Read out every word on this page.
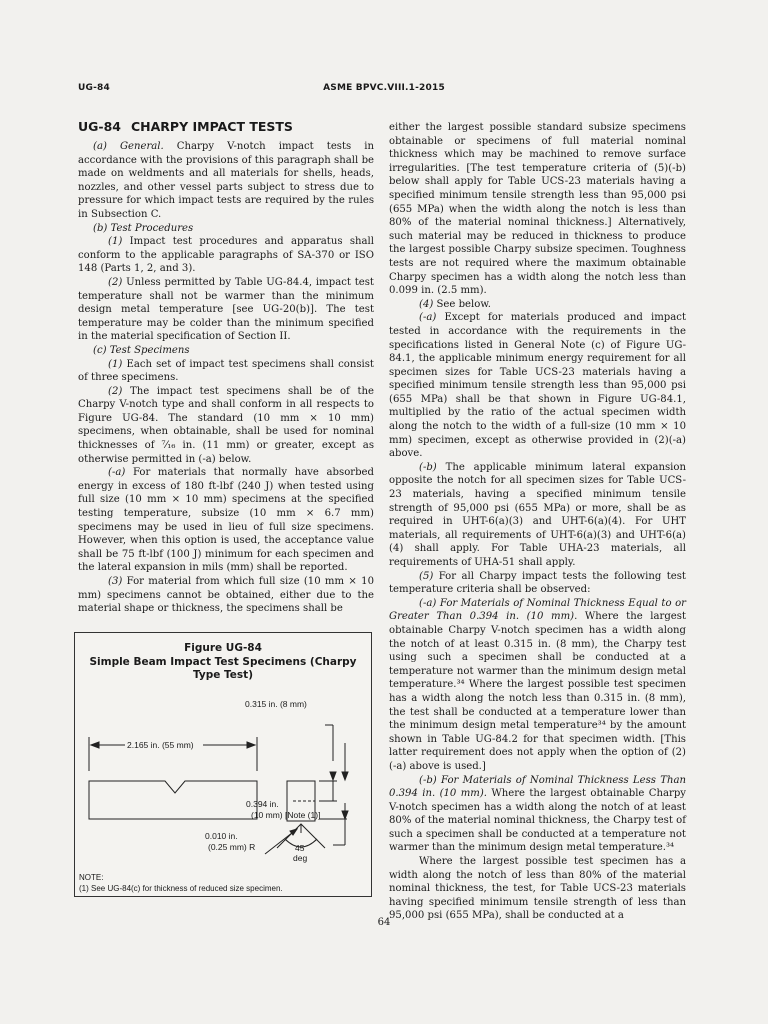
UG-84	ASME BPVC.VIII.1-2015
UG-84 CHARPY IMPACT TESTS

(a) General. Charpy V-notch impact tests in accordance with the provisions of this paragraph shall be made on weldments and all materials for shells, heads, nozzles, and other vessel parts subject to stress due to pressure for which impact tests are required by the rules in Subsection C.

(b) Test Procedures

(1) Impact test procedures and apparatus shall conform to the applicable paragraphs of SA-370 or ISO 148 (Parts 1, 2, and 3).

(2) Unless permitted by Table UG-84.4, impact test temperature shall not be warmer than the minimum design metal temperature [see UG-20(b)]. The test temperature may be colder than the minimum specified in the material specification of Section II.

(c) Test Specimens

(1) Each set of impact test specimens shall consist of three specimens.

(2) The impact test specimens shall be of the Charpy V-notch type and shall conform in all respects to Figure UG-84. The standard (10 mm × 10 mm) specimens, when obtainable, shall be used for nominal thicknesses of ⁷⁄₁₆ in. (11 mm) or greater, except as otherwise permitted in (-a) below.

(-a) For materials that normally have absorbed energy in excess of 180 ft-lbf (240 J) when tested using full size (10 mm × 10 mm) specimens at the specified testing temperature, subsize (10 mm × 6.7 mm) specimens may be used in lieu of full size specimens. However, when this option is used, the acceptance value shall be 75 ft-lbf (100 J) minimum for each specimen and the lateral expansion in mils (mm) shall be reported.

(3) For material from which full size (10 mm × 10 mm) specimens cannot be obtained, either due to the material shape or thickness, the specimens shall be

either the largest possible standard subsize specimens obtainable or specimens of full material nominal thickness which may be machined to remove surface irregularities. [The test temperature criteria of (5)(-b) below shall apply for Table UCS-23 materials having a specified minimum tensile strength less than 95,000 psi (655 MPa) when the width along the notch is less than 80% of the material nominal thickness.] Alternatively, such material may be reduced in thickness to produce the largest possible Charpy subsize specimen. Toughness tests are not required where the maximum obtainable Charpy specimen has a width along the notch less than 0.099 in. (2.5 mm).

(4) See below.

(-a) Except for materials produced and impact tested in accordance with the requirements in the specifications listed in General Note (c) of Figure UG-84.1, the applicable minimum energy requirement for all specimen sizes for Table UCS-23 materials having a specified minimum tensile strength less than 95,000 psi (655 MPa) shall be that shown in Figure UG-84.1, multiplied by the ratio of the actual specimen width along the notch to the width of a full-size (10 mm × 10 mm) specimen, except as otherwise provided in (2)(-a) above.

(-b) The applicable minimum lateral expansion opposite the notch for all specimen sizes for Table UCS-23 materials, having a specified minimum tensile strength of 95,000 psi (655 MPa) or more, shall be as required in UHT-6(a)(3) and UHT-6(a)(4). For UHT materials, all requirements of UHT-6(a)(3) and UHT-6(a)(4) shall apply. For Table UHA-23 materials, all requirements of UHA-51 shall apply.

(5) For all Charpy impact tests the following test temperature criteria shall be observed:

(-a) For Materials of Nominal Thickness Equal to or Greater Than 0.394 in. (10 mm). Where the largest obtainable Charpy V-notch specimen has a width along the notch of at least 0.315 in. (8 mm), the Charpy test using such a specimen shall be conducted at a temperature not warmer than the minimum design metal temperature.³⁴ Where the largest possible test specimen has a width along the notch less than 0.315 in. (8 mm), the test shall be conducted at a temperature lower than the minimum design metal temperature³⁴ by the amount shown in Table UG-84.2 for that specimen width. [This latter requirement does not apply when the option of (2)(-a) above is used.]

(-b) For Materials of Nominal Thickness Less Than 0.394 in. (10 mm). Where the largest obtainable Charpy V-notch specimen has a width along the notch of at least 80% of the material nominal thickness, the Charpy test of such a specimen shall be conducted at a temperature not warmer than the minimum design metal temperature.³⁴

Where the largest possible test specimen has a width along the notch of less than 80% of the material nominal thickness, the test, for Table UCS-23 materials having specified minimum tensile strength of less than 95,000 psi (655 MPa), shall be conducted at a

Figure UG-84
Simple Beam Impact Test Specimens (Charpy
Type Test)
2.165 in. (55 mm)
0.315 in. (8 mm)
0.394 in.
(10 mm) [Note (1)]
0.010 in.
(0.25 mm) R	45
deg
NOTE:
(1) See UG-84(c) for thickness of reduced size specimen.
64
